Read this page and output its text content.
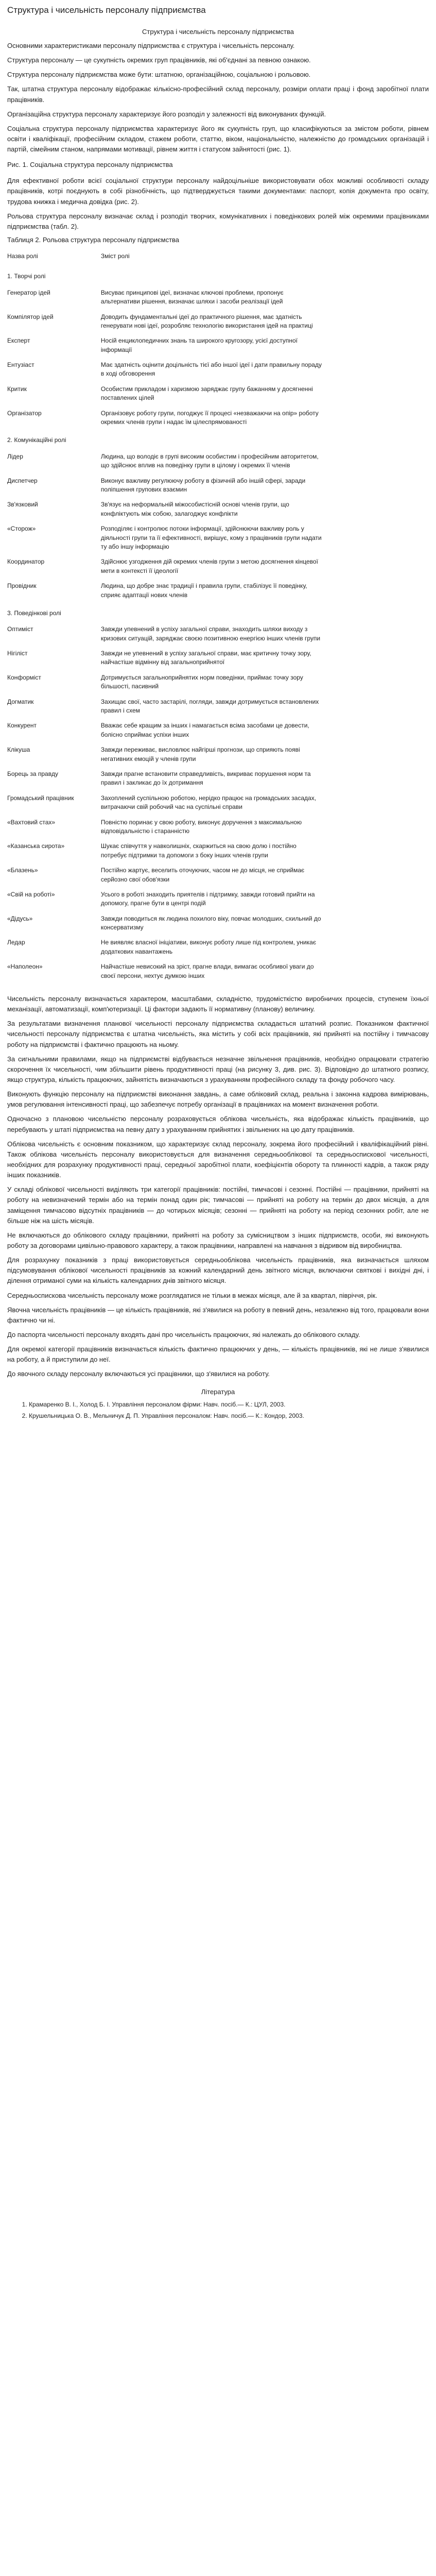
Структура і чисельність персоналу підприємства
Структура і чисельність персоналу підприємства

Основними характеристиками персоналу підприємства є структура і чисельність персоналу.

Структура персоналу — це сукупність окремих груп працівників, які об'єднані за певною ознакою.

Структура персоналу підприємства може бути: штатною, організаційною, соціальною і рольовою.

Так, штатна структура персоналу відображає кількісно-професійний склад персоналу, розміри оплати праці і фонд заробітної плати працівників.

Організаційна структура персоналу характеризує його розподіл у залежності від виконуваних функцій.

Соціальна структура персоналу підприємства характеризує його як сукупність груп, що класифікуються за змістом роботи, рівнем освіти і кваліфікації, професійним складом, стажем роботи, статтю, віком, національністю, належністю до громадських організацій і партій, сімейним станом, напрямами мотивації, рівнем життя і статусом зайнятості (рис. 1).

Рис. 1. Соціальна структура персоналу підприємства

Для ефективної роботи всієї соціальної структури персоналу найдоцільніше використовувати обох можливі особливості складу працівників, котрі поєднують в собі різнобічність, що підтверджується такими документами: паспорт, копія документа про освіту, трудова книжка і медична довідка (рис. 2).

Рольова структура персоналу визначає склад і розподіл творчих, комунікативних і поведінкових ролей між окремими працівниками підприємства (табл. 2).

Таблиця 2. Рольова структура персоналу підприємства
Назва ролі	Зміст ролі
1. Творчі ролі	
Генератор ідей	Висуває принципові ідеї, визначає ключові проблеми, пропонує альтернативи рішення, визначає шляхи і засоби реалізації ідей
Компілятор ідей	Доводить фундаментальні ідеї до практичного рішення, має здатність генерувати нові ідеї, розробляє технологію використання ідей на практиці
Експерт	Носій енциклопедичних знань та широкого кругозору, усієї доступної інформації
Ентузіаст	Має здатність оцінити доцільність тієї або іншої ідеї і дати правильну пораду в ході обговорення
Критик	Особистим прикладом і харизмою заряджає групу бажанням у досягненні поставлених цілей
Організатор	Організовує роботу групи, погоджує її процесі «незважаючи на опір» роботу окремих членів групи і надає їм цілеспрямованості
2. Комунікаційні ролі	
Лідер	Людина, що володіє в групі високим особистим і професійним авторитетом, що здійснює вплив на поведінку групи в цілому і окремих її членів
Диспетчер	Виконує важливу регулюючу роботу в фізичній або іншій сфері, заради поліпшення групових взаємин
Зв'язковий	Зв'язує на неформальній міжособистісній основі членів групи, що конфліктують між собою, залагоджує конфлікти
«Сторож»	Розподіляє і контролює потоки інформації, здійснюючи важливу роль у діяльності групи та її ефективності, вирішує, кому з працівників групи надати ту або іншу інформацію
Координатор	Здійснює узгодження дій окремих членів групи з метою досягнення кінцевої мети в контексті її ідеології
Провідник	Людина, що добре знає традиції і правила групи, стабілізує її поведінку, сприяє адаптації нових членів
3. Поведінкові ролі	
Оптиміст	Завжди упевнений в успіху загальної справи, знаходить шляхи виходу з кризових ситуацій, заряджає своєю позитивною енергією інших членів групи
Нігіліст	Завжди не упевнений в успіху загальної справи, має критичну точку зору, найчастіше відмінну від загальноприйнятої
Конформіст	Дотримується загальноприйнятих норм поведінки, приймає точку зору більшості, пасивний
Догматик	Захищає свої, часто застарілі, погляди, завжди дотримується встановлених правил і схем
Конкурент	Вважає себе кращим за інших і намагається всіма засобами це довести, болісно сприймає успіхи інших
Клікуша	Завжди переживає, висловлює найгірші прогнози, що сприяють появі негативних емоцій у членів групи
Борець за правду	Завжди прагне встановити справедливість, викриває порушення норм та правил і закликає до їх дотримання
Громадський працівник	Захоплений суспільною роботою, нерідко працює на громадських засадах, витрачаючи свій робочий час на суспільні справи
«Вахтовий стах»	Повністю поринає у свою роботу, виконує доручення з максимальною відповідальністю і старанністю
«Казанська сирота»	Шукає співчуття у навколишніх, скаржиться на свою долю і постійно потребує підтримки та допомоги з боку інших членів групи
«Блазень»	Постійно жартує, веселить оточуючих, часом не до місця, не сприймає серйозно свої обов'язки
«Свій на роботі»	Усього в роботі знаходить приятелів і підтримку, завжди готовий прийти на допомогу, прагне бути в центрі подій
«Дідусь»	Завжди поводиться як людина похилого віку, повчає молодших, схильний до консерватизму
Ледар	Не виявляє власної ініціативи, виконує роботу лише під контролем, уникає додаткових навантажень
«Наполеон»	Найчастіше невисокий на зріст, прагне влади, вимагає особливої уваги до своєї персони, нехтує думкою інших

Чисельність персоналу визначається характером, масштабами, складністю, трудомісткістю виробничих процесів, ступенем їхньої механізації, автоматизації, комп'ютеризації. Ці фактори задають її нормативну (планову) величину.

За результатами визначення планової чисельності персоналу підприємства складається штатний розпис. Показником фактичної чисельності персоналу підприємства є штатна чисельність, яка містить у собі всіх працівників, які прийняті на постійну і тимчасову роботу на підприємстві і фактично працюють на ньому.

За сигнальними правилами, якщо на підприємстві відбувається незначне звільнення працівників, необхідно опрацювати стратегію скорочення їх чисельності, чим збільшити рівень продуктивності праці (на рисунку 3, див. рис. 3). Відповідно до штатного розпису, якщо структура, кількість працюючих, зайнятість визначаються з урахуванням професійного складу та фонду робочого часу.

Виконують функцію персоналу на підприємстві виконання завдань, а саме обліковий склад, реальна і законна кадрова вимірювань, умов регулювання інтенсивності праці, що забезпечує потребу організації в працівниках на момент визначення роботи.

Одночасно з плановою чисельністю персоналу розраховується облікова чисельність, яка відображає кількість працівників, що перебувають у штаті підприємства на певну дату з урахуванням прийнятих і звільнених на цю дату працівників.

Облікова чисельність є основним показником, що характеризує склад персоналу, зокрема його професійний і кваліфікаційний рівні. Також облікова чисельність персоналу використовується для визначення середньооблікової та середньоспискової чисельності, необхідних для розрахунку продуктивності праці, середньої заробітної плати, коефіцієнтів обороту та плинності кадрів, а також ряду інших показників.

У складі облікової чисельності виділяють три категорії працівників: постійні, тимчасові і сезонні. Постійні — працівники, прийняті на роботу на невизначений термін або на термін понад один рік; тимчасові — прийняті на роботу на термін до двох місяців, а для заміщення тимчасово відсутніх працівників — до чотирьох місяців; сезонні — прийняті на роботу на період сезонних робіт, але не більше ніж на шість місяців.

Не включаються до облікового складу працівники, прийняті на роботу за сумісництвом з інших підприємств, особи, які виконують роботу за договорами цивільно-правового характеру, а також працівники, направлені на навчання з відривом від виробництва.

Для розрахунку показників з праці використовується середньооблікова чисельність працівників, яка визначається шляхом підсумовування облікової чисельності працівників за кожний календарний день звітного місяця, включаючи святкові і вихідні дні, і ділення отриманої суми на кількість календарних днів звітного місяця.

Середньоспискова чисельність персоналу може розглядатися не тільки в межах місяця, але й за квартал, півріччя, рік.

Явочна чисельність працівників — це кількість працівників, які з'явилися на роботу в певний день, незалежно від того, працювали вони фактично чи ні.

До паспорта чисельності персоналу входять дані про чисельність працюючих, які належать до облікового складу.

Для окремої категорії працівників визначається кількість фактично працюючих у день, — кількість працівників, які не лише з'явилися на роботу, а й приступили до неї.

До явочного складу персоналу включаються усі працівники, що з'явилися на роботу.

Література
1. Крамаренко В. І., Холод Б. І. Управління персоналом фірми: Навч. посіб.— К.: ЦУЛ, 2003.
2. Крушельницька О. В., Мельничук Д. П. Управління персоналом: Навч. посіб.— К.: Кондор, 2003.
